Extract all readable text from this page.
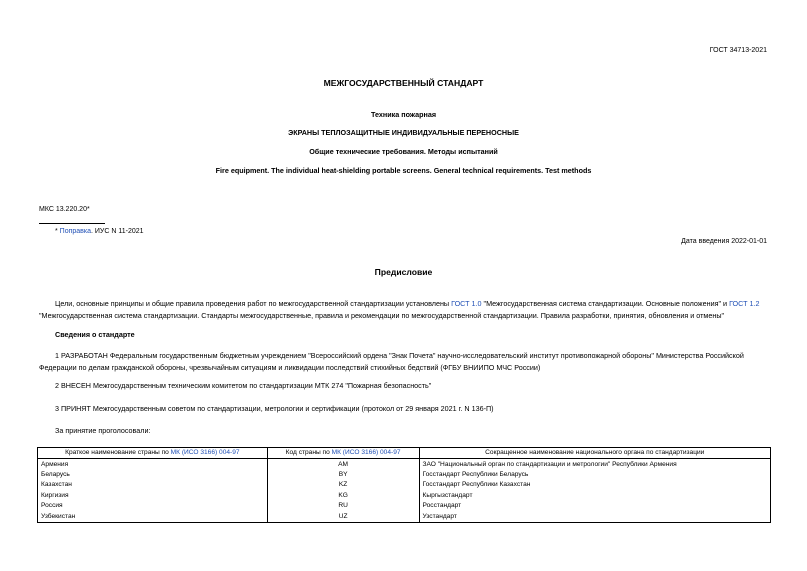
ГОСТ 34713-2021
МЕЖГОСУДАРСТВЕННЫЙ СТАНДАРТ
Техника пожарная
ЭКРАНЫ ТЕПЛОЗАЩИТНЫЕ ИНДИВИДУАЛЬНЫЕ ПЕРЕНОСНЫЕ
Общие технические требования. Методы испытаний
Fire equipment. The individual heat-shielding portable screens. General technical requirements. Test methods
МКС 13.220.20*
* Поправка. ИУС N 11-2021
Дата введения 2022-01-01
Предисловие
Цели, основные принципы и общие правила проведения работ по межгосударственной стандартизации установлены ГОСТ 1.0 "Межгосударственная система стандартизации. Основные положения" и ГОСТ 1.2 "Межгосударственная система стандартизации. Стандарты межгосударственные, правила и рекомендации по межгосударственной стандартизации. Правила разработки, принятия, обновления и отмены"
Сведения о стандарте
1 РАЗРАБОТАН Федеральным государственным бюджетным учреждением "Всероссийский ордена "Знак Почета" научно-исследовательский институт противопожарной обороны" Министерства Российской Федерации по делам гражданской обороны, чрезвычайным ситуациям и ликвидации последствий стихийных бедствий (ФГБУ ВНИИПО МЧС России)
2 ВНЕСЕН Межгосударственным техническим комитетом по стандартизации МТК 274 "Пожарная безопасность"
3 ПРИНЯТ Межгосударственным советом по стандартизации, метрологии и сертификации (протокол от 29 января 2021 г. N 136-П)
За принятие проголосовали:
Краткое наименование страны по МК (ИСО 3166) 004-97	Код страны по МК (ИСО 3166) 004-97	Сокращенное наименование национального органа по стандартизации
Армения	AM	ЗАО "Национальный орган по стандартизации и метрологии" Республики Армения
Беларусь	BY	Госстандарт Республики Беларусь
Казахстан	KZ	Госстандарт Республики Казахстан
Киргизия	KG	Кыргызстандарт
Россия	RU	Росстандарт
Узбекистан	UZ	Узстандарт
